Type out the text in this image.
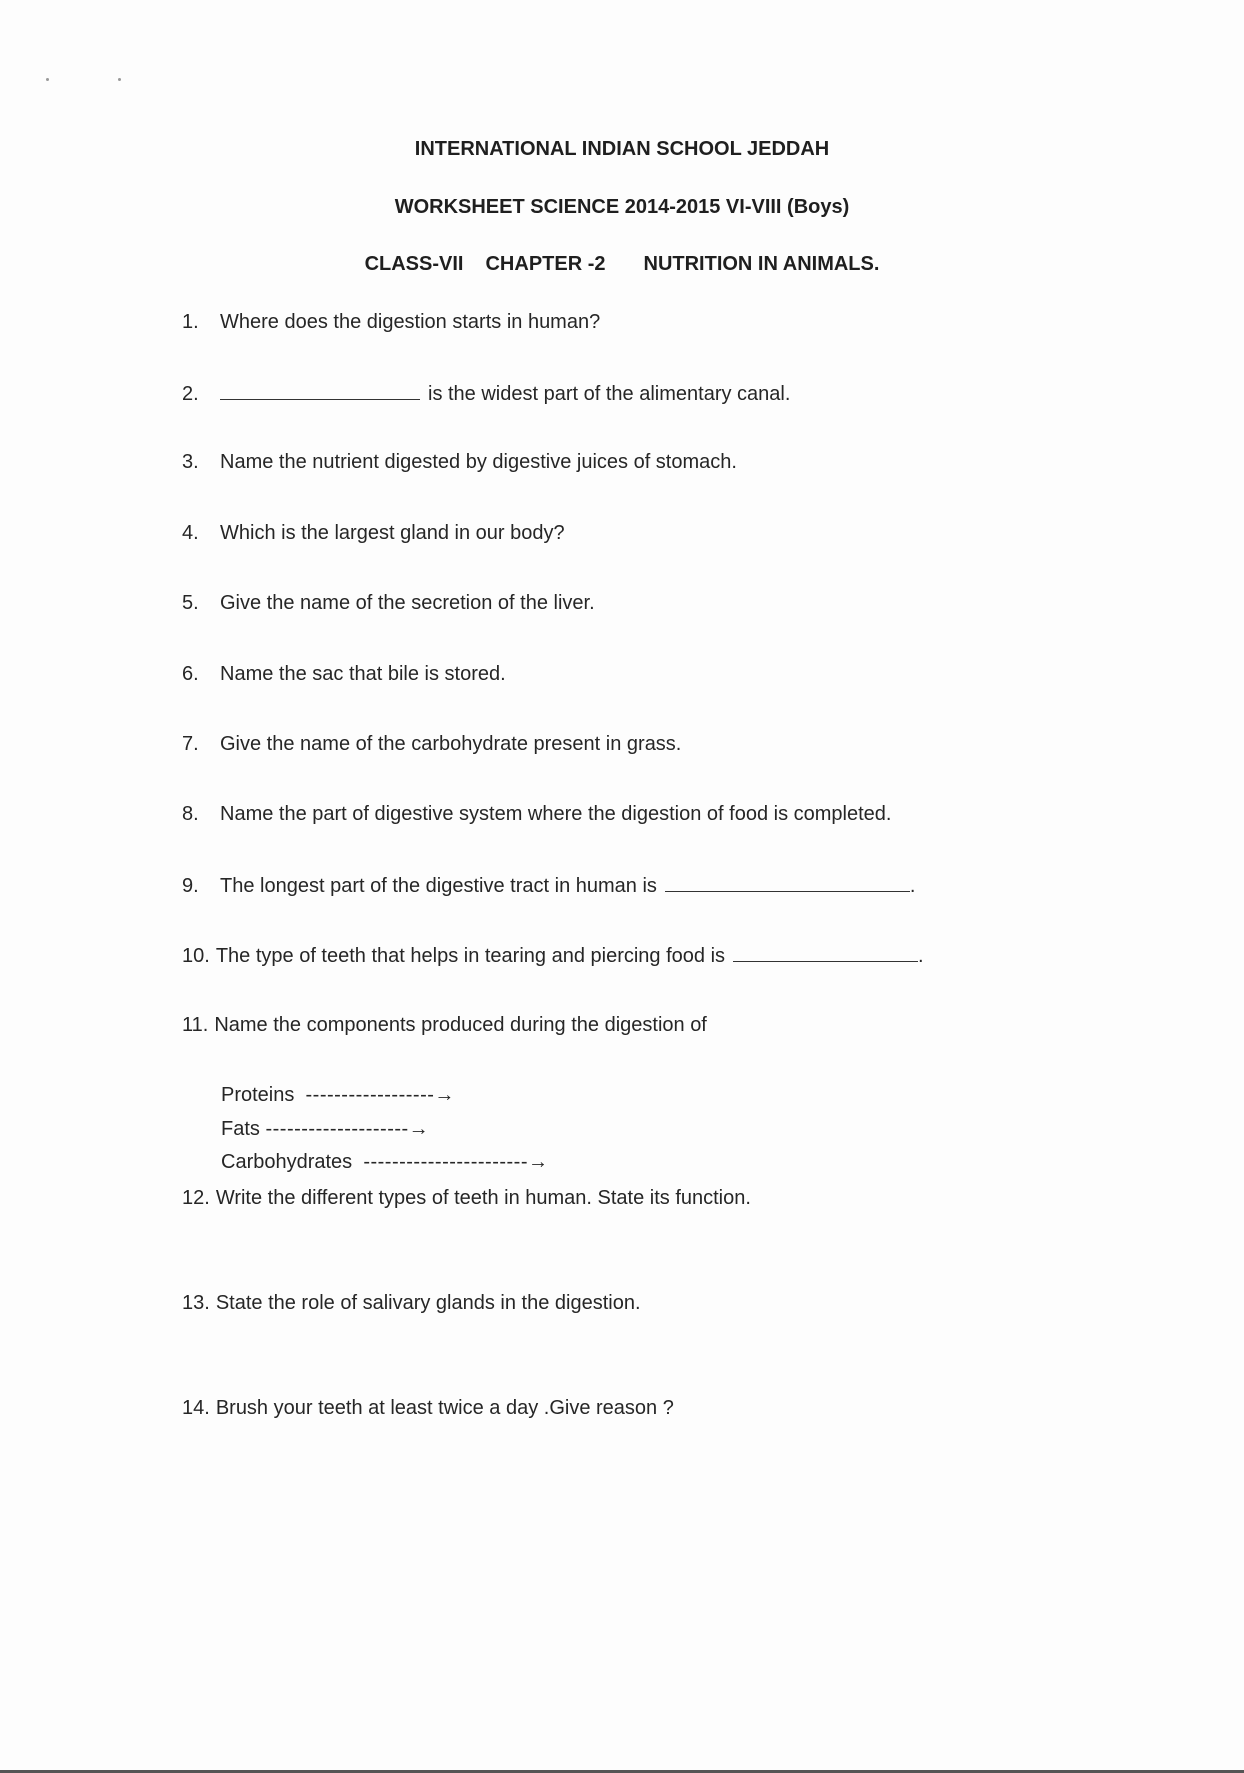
INTERNATIONAL INDIAN SCHOOL JEDDAH
WORKSHEET SCIENCE 2014-2015 VI-VIII (Boys)
CLASS-VII CHAPTER -2 NUTRITION IN ANIMALS.
1. Where does the digestion starts in human?
2.	is the widest part of the alimentary canal.
3. Name the nutrient digested by digestive juices of stomach.
4. Which is the largest gland in our body?
5. Give the name of the secretion of the liver.
6. Name the sac that bile is stored.
7. Give the name of the carbohydrate present in grass.
8. Name the part of digestive system where the digestion of food is completed.
9. The longest part of the digestive tract in human is	.
10. The type of teeth that helps in tearing and piercing food is	.
11. Name the components produced during the digestion of
Proteins ------------------→
Fats --------------------→
Carbohydrates -----------------------→
12. Write the different types of teeth in human. State its function.
13. State the role of salivary glands in the digestion.
14. Brush your teeth at least twice a day .Give reason ?
